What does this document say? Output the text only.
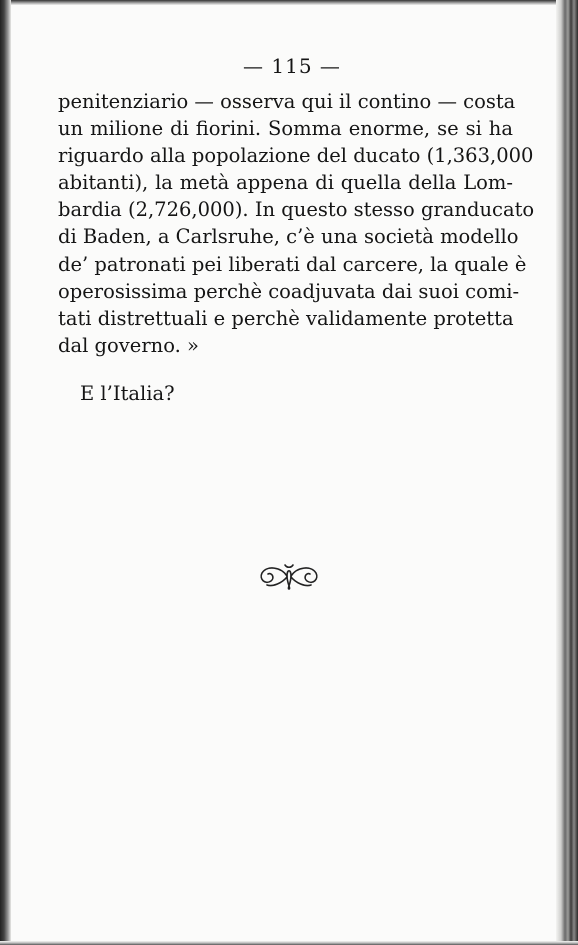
— 115 —
penitenziario — osserva qui il contino — costa
un milione di fiorini. Somma enorme, se si ha
riguardo alla popolazione del ducato (1,363,000
abitanti), la metà appena di quella della Lom-
bardia (2,726,000). In questo stesso granducato
di Baden, a Carlsruhe, c’è una società modello
de’ patronati pei liberati dal carcere, la quale è
operosissima perchè coadjuvata dai suoi comi-
tati distrettuali e perchè validamente protetta
dal governo. »
E l’Italia?
